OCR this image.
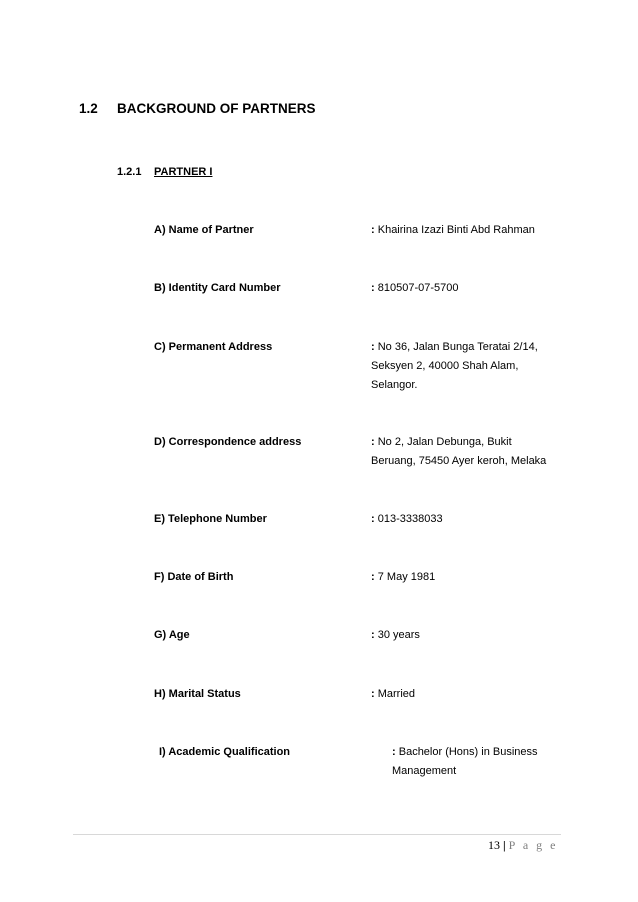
1.2 BACKGROUND OF PARTNERS
1.2.1 PARTNER I
A) Name of Partner	: Khairina Izazi Binti Abd Rahman
B) Identity Card Number	: 810507-07-5700
C) Permanent Address	: No 36, Jalan Bunga Teratai 2/14,
Seksyen 2, 40000 Shah Alam,
Selangor.
D) Correspondence address	: No 2, Jalan Debunga, Bukit
Beruang, 75450 Ayer keroh, Melaka
E) Telephone Number	: 013-3338033
F) Date of Birth	: 7 May 1981
G) Age	: 30 years
H) Marital Status	: Married
I) Academic Qualification	: Bachelor (Hons) in Business
Management
13 | P a g e
